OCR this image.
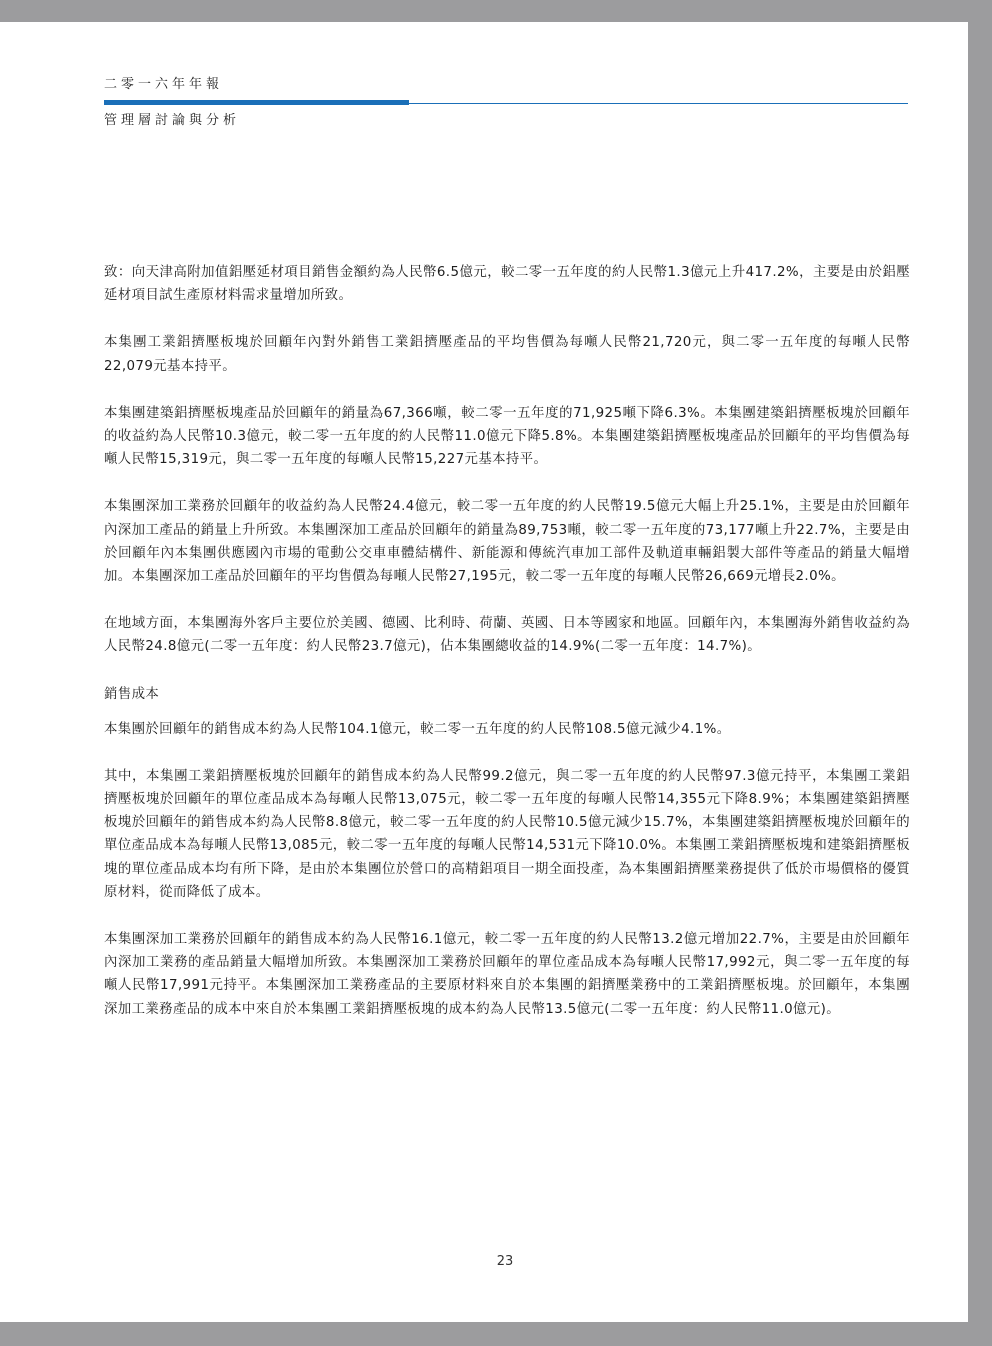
二零一六年年報
管理層討論與分析

致：向天津高附加值鋁壓延材項目銷售金額約為人民幣6.5億元，較二零一五年度的約人民幣1.3億元上升417.2%，主要是由於鋁壓延材項目試生產原材料需求量增加所致。

本集團工業鋁擠壓板塊於回顧年內對外銷售工業鋁擠壓產品的平均售價為每噸人民幣21,720元，與二零一五年度的每噸人民幣22,079元基本持平。

本集團建築鋁擠壓板塊產品於回顧年的銷量為67,366噸，較二零一五年度的71,925噸下降6.3%。本集團建築鋁擠壓板塊於回顧年的收益約為人民幣10.3億元，較二零一五年度的約人民幣11.0億元下降5.8%。本集團建築鋁擠壓板塊產品於回顧年的平均售價為每噸人民幣15,319元，與二零一五年度的每噸人民幣15,227元基本持平。

本集團深加工業務於回顧年的收益約為人民幣24.4億元，較二零一五年度的約人民幣19.5億元大幅上升25.1%，主要是由於回顧年內深加工產品的銷量上升所致。本集團深加工產品於回顧年的銷量為89,753噸，較二零一五年度的73,177噸上升22.7%，主要是由於回顧年內本集團供應國內市場的電動公交車車體結構件、新能源和傳統汽車加工部件及軌道車輛鋁製大部件等產品的銷量大幅增加。本集團深加工產品於回顧年的平均售價為每噸人民幣27,195元，較二零一五年度的每噸人民幣26,669元增長2.0%。

在地域方面，本集團海外客戶主要位於美國、德國、比利時、荷蘭、英國、日本等國家和地區。回顧年內，本集團海外銷售收益約為人民幣24.8億元(二零一五年度：約人民幣23.7億元)，佔本集團總收益的14.9%(二零一五年度：14.7%)。

銷售成本

本集團於回顧年的銷售成本約為人民幣104.1億元，較二零一五年度的約人民幣108.5億元減少4.1%。

其中，本集團工業鋁擠壓板塊於回顧年的銷售成本約為人民幣99.2億元，與二零一五年度的約人民幣97.3億元持平，本集團工業鋁擠壓板塊於回顧年的單位產品成本為每噸人民幣13,075元，較二零一五年度的每噸人民幣14,355元下降8.9%；本集團建築鋁擠壓板塊於回顧年的銷售成本約為人民幣8.8億元，較二零一五年度的約人民幣10.5億元減少15.7%，本集團建築鋁擠壓板塊於回顧年的單位產品成本為每噸人民幣13,085元，較二零一五年度的每噸人民幣14,531元下降10.0%。本集團工業鋁擠壓板塊和建築鋁擠壓板塊的單位產品成本均有所下降，是由於本集團位於營口的高精鋁項目一期全面投產，為本集團鋁擠壓業務提供了低於市場價格的優質原材料，從而降低了成本。

本集團深加工業務於回顧年的銷售成本約為人民幣16.1億元，較二零一五年度的約人民幣13.2億元增加22.7%，主要是由於回顧年內深加工業務的產品銷量大幅增加所致。本集團深加工業務於回顧年的單位產品成本為每噸人民幣17,992元，與二零一五年度的每噸人民幣17,991元持平。本集團深加工業務產品的主要原材料來自於本集團的鋁擠壓業務中的工業鋁擠壓板塊。於回顧年，本集團深加工業務產品的成本中來自於本集團工業鋁擠壓板塊的成本約為人民幣13.5億元(二零一五年度：約人民幣11.0億元)。

23
